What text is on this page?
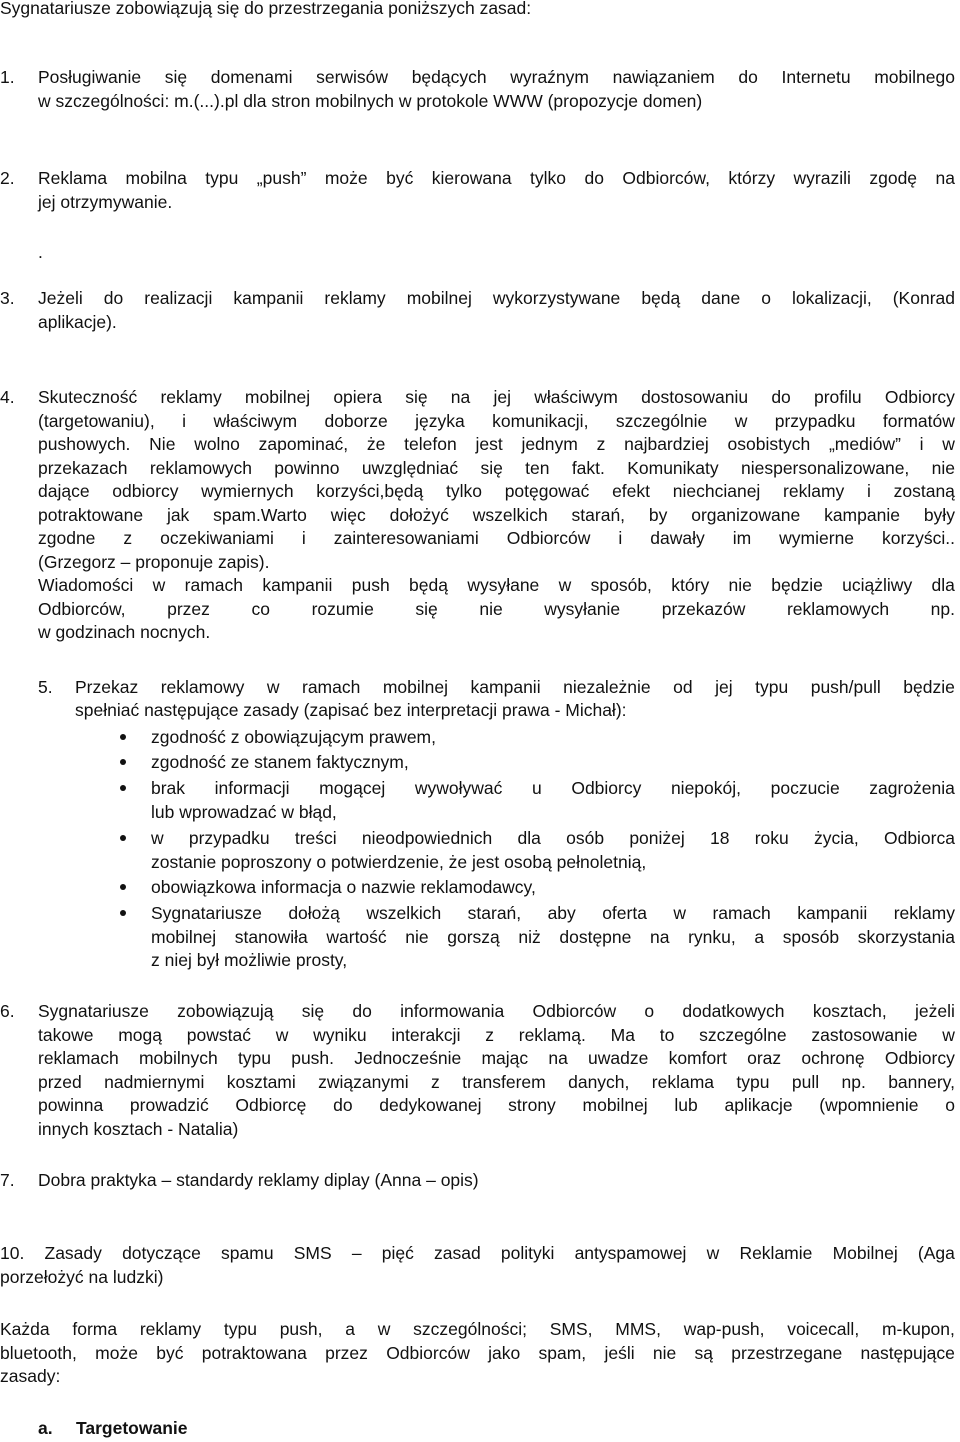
Sygnatariusze zobowiązują się do przestrzegania poniższych zasad:
1. Posługiwanie się domenami serwisów będących wyraźnym nawiązaniem do Internetu mobilnego
w szczególności: m.(...).pl dla stron mobilnych w protokole WWW (propozycje domen)
2. Reklama mobilna typu „push” może być kierowana tylko do Odbiorców, którzy wyrazili zgodę na
jej otrzymywanie.
.
3. Jeżeli do realizacji kampanii reklamy mobilnej wykorzystywane będą dane o lokalizacji, (Konrad
aplikacje).
4. Skuteczność reklamy mobilnej opiera się na jej właściwym dostosowaniu do profilu Odbiorcy
(targetowaniu), i właściwym doborze języka komunikacji, szczególnie w przypadku formatów
pushowych. Nie wolno zapominać, że telefon jest jednym z najbardziej osobistych „mediów” i w
przekazach reklamowych powinno uwzględniać się ten fakt. Komunikaty niespersonalizowane, nie
dające odbiorcy wymiernych korzyści,będą tylko potęgować efekt niechcianej reklamy i zostaną
potraktowane jak spam.Warto więc dołożyć wszelkich starań, by organizowane kampanie były
zgodne z oczekiwaniami i zainteresowaniami Odbiorców i dawały im wymierne korzyści..
(Grzegorz – proponuje zapis).
Wiadomości w ramach kampanii push będą wysyłane w sposób, który nie będzie uciążliwy dla
Odbiorców, przez co rozumie się nie wysyłanie przekazów reklamowych np.
w godzinach nocnych.
5. Przekaz reklamowy w ramach mobilnej kampanii niezależnie od jej typu push/pull będzie
spełniać następujące zasady (zapisać bez interpretacji prawa - Michał):
zgodność z obowiązującym prawem,
zgodność ze stanem faktycznym,
brak informacji mogącej wywoływać u Odbiorcy niepokój, poczucie zagrożenia
lub wprowadzać w błąd,
w przypadku treści nieodpowiednich dla osób poniżej 18 roku życia, Odbiorca
zostanie poproszony o potwierdzenie, że jest osobą pełnoletnią,
obowiązkowa informacja o nazwie reklamodawcy,
Sygnatariusze dołożą wszelkich starań, aby oferta w ramach kampanii reklamy
mobilnej stanowiła wartość nie gorszą niż dostępne na rynku, a sposób skorzystania
z niej był możliwie prosty,
6. Sygnatariusze zobowiązują się do informowania Odbiorców o dodatkowych kosztach, jeżeli
takowe mogą powstać w wyniku interakcji z reklamą. Ma to szczególne zastosowanie w
reklamach mobilnych typu push. Jednocześnie mając na uwadze komfort oraz ochronę Odbiorcy
przed nadmiernymi kosztami związanymi z transferem danych, reklama typu pull np. bannery,
powinna prowadzić Odbiorcę do dedykowanej strony mobilnej lub aplikacje (wpomnienie o
innych kosztach - Natalia)
7. Dobra praktyka – standardy reklamy diplay (Anna – opis)
10. Zasady dotyczące spamu SMS – pięć zasad polityki antyspamowej w Reklamie Mobilnej (Aga
porzełożyć na ludzki)
Każda forma reklamy typu push, a w szczególności; SMS, MMS, wap-push, voicecall, m-kupon,
bluetooth, może być potraktowana przez Odbiorców jako spam, jeśli nie są przestrzegane następujące
zasady:
a. Targetowanie
